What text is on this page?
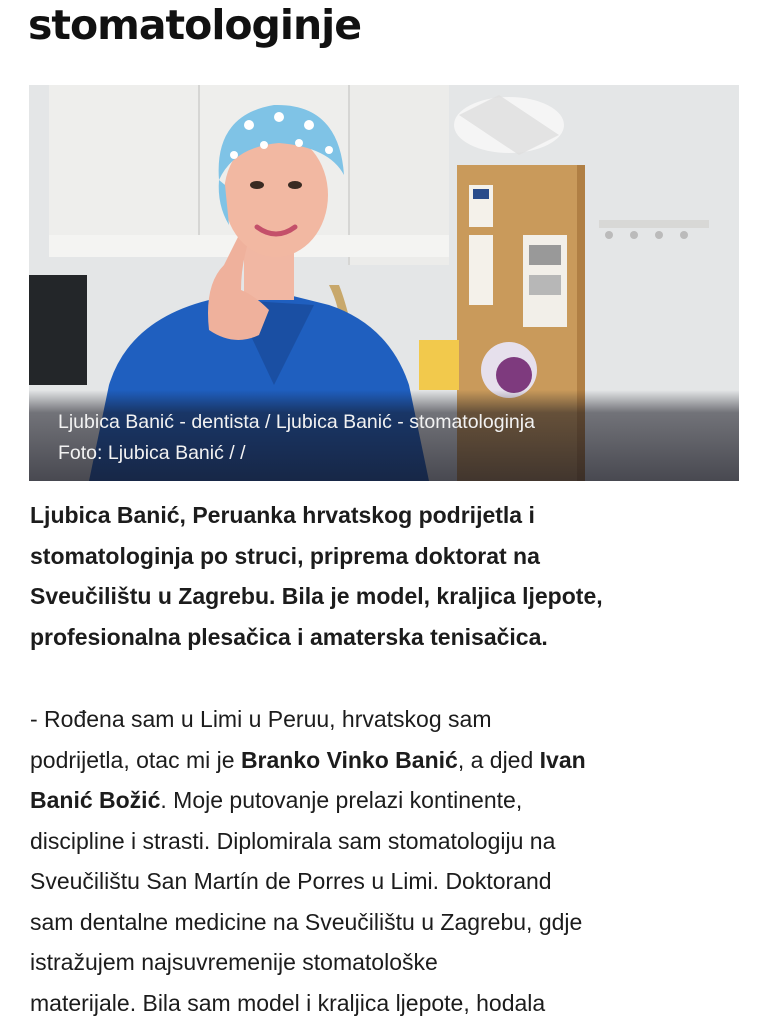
stomatologinje
Ljubica Banić - dentista / Ljubica Banić - stomatologinja
Foto: Ljubica Banić / /
Ljubica Banić, Peruanka hrvatskog podrijetla i
stomatologinja po struci, priprema doktorat na
Sveučilištu u Zagrebu. Bila je model, kraljica ljepote,
profesionalna plesačica i amaterska tenisačica.
- Rođena sam u Limi u Peruu, hrvatskog sam
podrijetla, otac mi je Branko Vinko Banić, a djed Ivan
Banić Božić. Moje putovanje prelazi kontinente,
discipline i strasti. Diplomirala sam stomatologiju na
Sveučilištu San Martín de Porres u Limi. Doktorand
sam dentalne medicine na Sveučilištu u Zagrebu, gdje
istražujem najsuvremenije stomatološke
materijale. Bila sam model i kraljica ljepote, hodala
